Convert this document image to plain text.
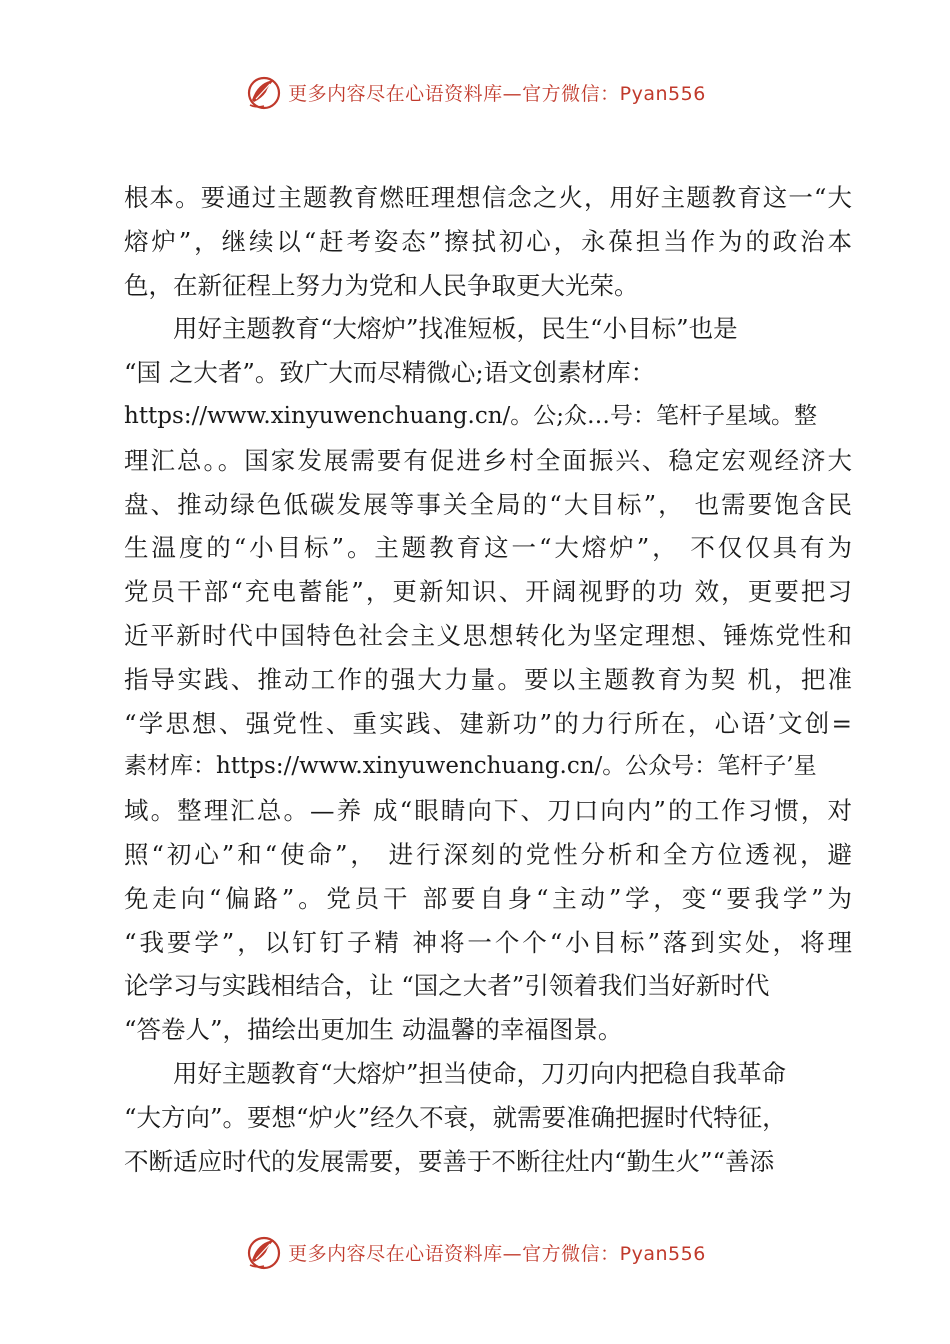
更多内容尽在心语资料库—官方微信：Pyan556
根本。要通过主题教育燃旺理想信念之火，用好主题教育这一“大
熔炉”，继续以“赶考姿态”擦拭初心，永葆担当作为的政治本
色，在新征程上努力为党和人民争取更大光荣。
用好主题教育“大熔炉”找准短板，民生“小目标”也是
“国 之大者”。致广大而尽精微心;语文创素材库：
https://www.xinyuwenchuang.cn/。公;众…号：笔杆子星域。整
理汇总。。国家发展需要有促进乡村全面振兴、稳定宏观经济大
盘、推动绿色低碳发展等事关全局的“大目标”， 也需要饱含民
生温度的“小目标”。主题教育这一“大熔炉”， 不仅仅具有为
党员干部“充电蓄能”，更新知识、开阔视野的功 效，更要把习
近平新时代中国特色社会主义思想转化为坚定理想、锤炼党性和
指导实践、推动工作的强大力量。要以主题教育为契 机，把准
“学思想、强党性、重实践、建新功”的力行所在，心语’文创=
素材库：https://www.xinyuwenchuang.cn/。公众号：笔杆子’星
域。整理汇总。—养 成“眼睛向下、刀口向内”的工作习惯，对
照“初心”和“使命”， 进行深刻的党性分析和全方位透视，避
免走向“偏路”。党员干 部要自身“主动”学，变“要我学”为
“我要学”，以钉钉子精 神将一个个“小目标”落到实处，将理
论学习与实践相结合，让 “国之大者”引领着我们当好新时代
“答卷人”，描绘出更加生 动温馨的幸福图景。
用好主题教育“大熔炉”担当使命，刀刃向内把稳自我革命
“大方向”。要想“炉火”经久不衰，就需要准确把握时代特征，
不断适应时代的发展需要，要善于不断往灶内“勤生火”“善添
更多内容尽在心语资料库—官方微信：Pyan556
